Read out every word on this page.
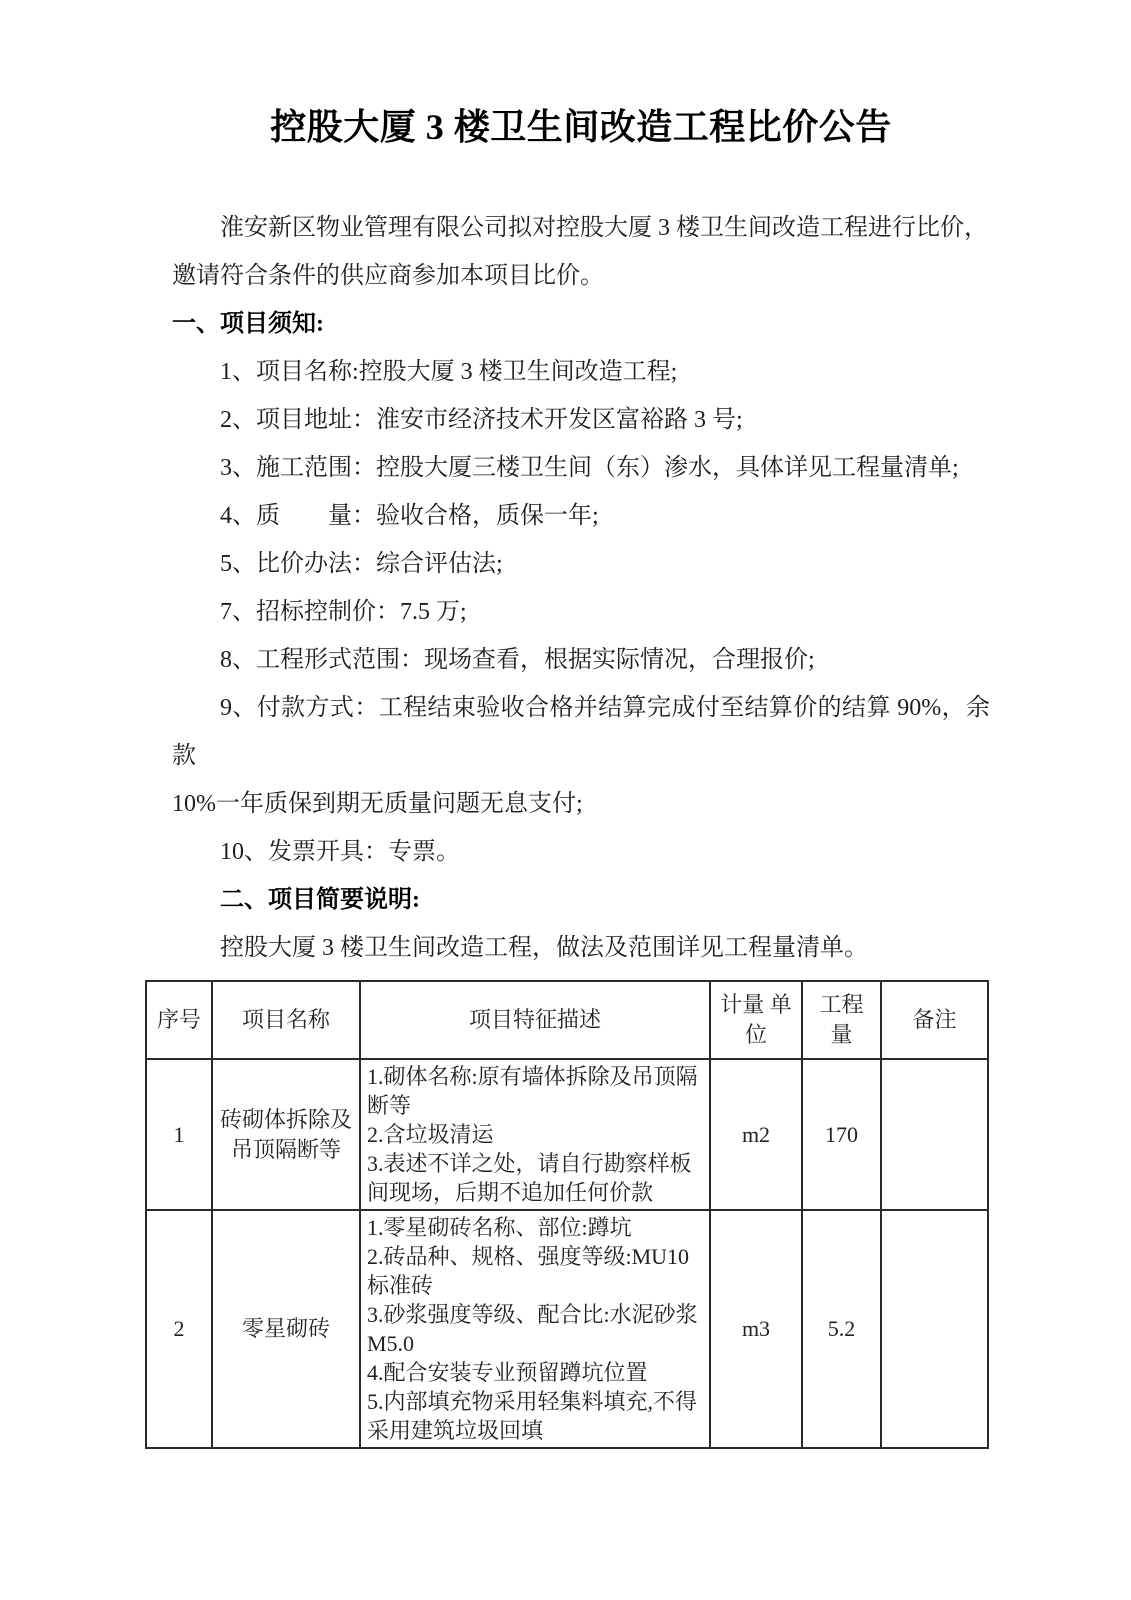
控股大厦 3 楼卫生间改造工程比价公告

淮安新区物业管理有限公司拟对控股大厦 3 楼卫生间改造工程进行比价，

邀请符合条件的供应商参加本项目比价。

一、项目须知:

1、项目名称:控股大厦 3 楼卫生间改造工程;

2、项目地址：淮安市经济技术开发区富裕路 3 号;

3、施工范围：控股大厦三楼卫生间（东）渗水，具体详见工程量清单;

4、质　　量：验收合格，质保一年;

5、比价办法：综合评估法;

7、招标控制价：7.5 万;

8、工程形式范围：现场查看，根据实际情况，合理报价;

9、付款方式：工程结束验收合格并结算完成付至结算价的结算 90%，余款

10%一年质保到期无质量问题无息支付;

10、发票开具：专票。

二、项目简要说明:

控股大厦 3 楼卫生间改造工程，做法及范围详见工程量清单。

序号	项目名称	项目特征描述	计量 单位	工程量	备注
1	砖砌体拆除及吊顶隔断等	1.砌体名称:原有墙体拆除及吊顶隔断等
2.含垃圾清运
3.表述不详之处，请自行勘察样板间现场，后期不追加任何价款	m2	170	
2	零星砌砖	1.零星砌砖名称、部位:蹲坑
2.砖品种、规格、强度等级:MU10 标准砖
3.砂浆强度等级、配合比:水泥砂浆 M5.0
4.配合安装专业预留蹲坑位置
5.内部填充物采用轻集料填充,不得采用建筑垃圾回填	m3	5.2	
